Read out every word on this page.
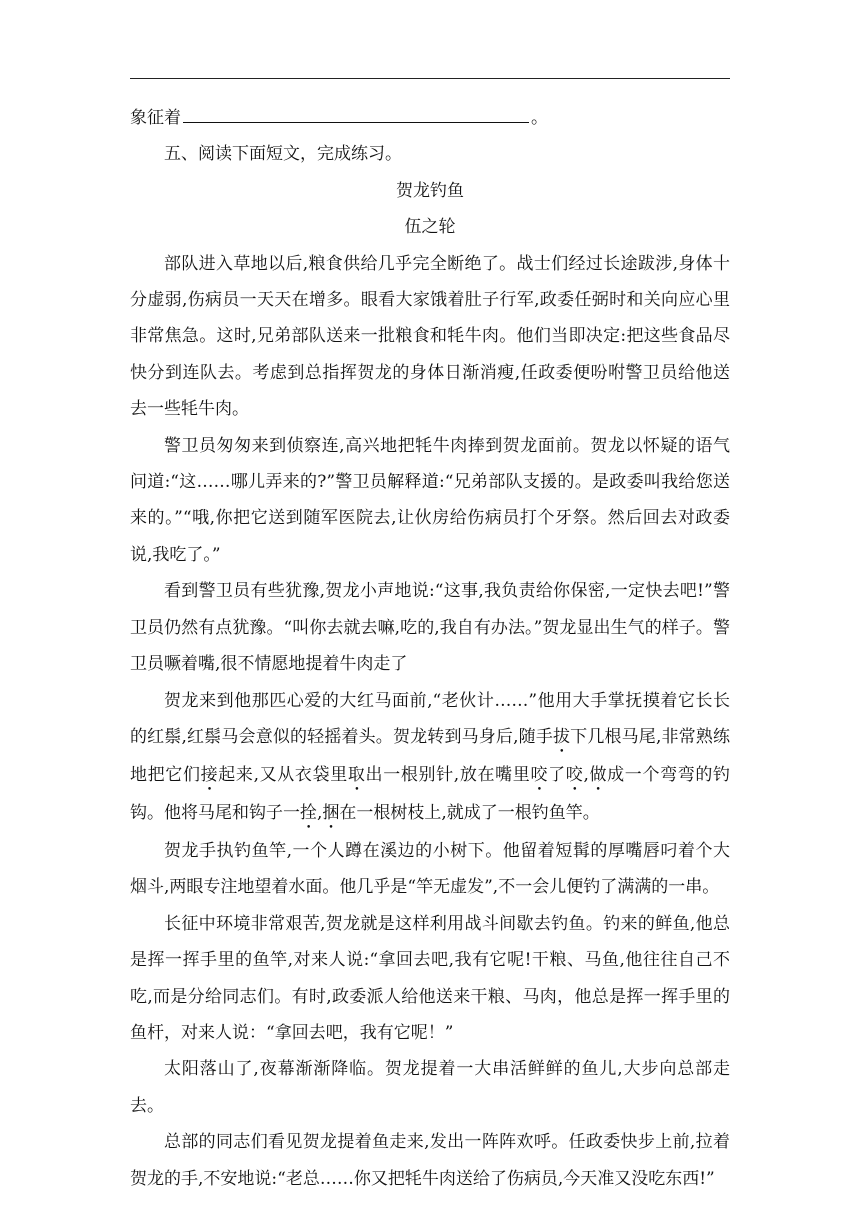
象征着	。

五、阅读下面短文，完成练习。

贺龙钓鱼

伍之轮

部队进入草地以后,粮食供给几乎完全断绝了。战士们经过长途跋涉,身体十分虚弱,伤病员一天天在增多。眼看大家饿着肚子行军,政委任弼时和关向应心里非常焦急。这时,兄弟部队送来一批粮食和牦牛肉。他们当即决定:把这些食品尽快分到连队去。考虑到总指挥贺龙的身体日渐消瘦,任政委便吩咐警卫员给他送去一些牦牛肉。

警卫员匆匆来到侦察连,高兴地把牦牛肉捧到贺龙面前。贺龙以怀疑的语气问道:“这……哪儿弄来的?”警卫员解释道:“兄弟部队支援的。是政委叫我给您送来的。”“哦,你把它送到随军医院去,让伙房给伤病员打个牙祭。然后回去对政委说,我吃了。”

看到警卫员有些犹豫,贺龙小声地说:“这事,我负责给你保密,一定快去吧!”警卫员仍然有点犹豫。“叫你去就去嘛,吃的,我自有办法。”贺龙显出生气的样子。警卫员噘着嘴,很不情愿地提着牛肉走了

贺龙来到他那匹心爱的大红马面前,“老伙计……”他用大手掌抚摸着它长长的红鬃,红鬃马会意似的轻摇着头。贺龙转到马身后,随手拔下几根马尾,非常熟练地把它们接起来,又从衣袋里取出一根别针,放在嘴里咬了咬,做成一个弯弯的钓钩。他将马尾和钩子一拴,捆在一根树枝上,就成了一根钓鱼竿。

贺龙手执钓鱼竿,一个人蹲在溪边的小树下。他留着短髯的厚嘴唇叼着个大烟斗,两眼专注地望着水面。他几乎是“竿无虚发”,不一会儿便钓了满满的一串。

长征中环境非常艰苦,贺龙就是这样利用战斗间歇去钓鱼。钓来的鲜鱼,他总是挥一挥手里的鱼竿,对来人说:“拿回去吧,我有它呢!干粮、马鱼,他往往自己不吃,而是分给同志们。有时,政委派人给他送来干粮、马肉，他总是挥一挥手里的鱼杆，对来人说：“拿回去吧，我有它呢！”

太阳落山了,夜幕渐渐降临。贺龙提着一大串活鲜鲜的鱼儿,大步向总部走去。

总部的同志们看见贺龙提着鱼走来,发出一阵阵欢呼。任政委快步上前,拉着贺龙的手,不安地说:“老总……你又把牦牛肉送给了伤病员,今天准又没吃东西!”
